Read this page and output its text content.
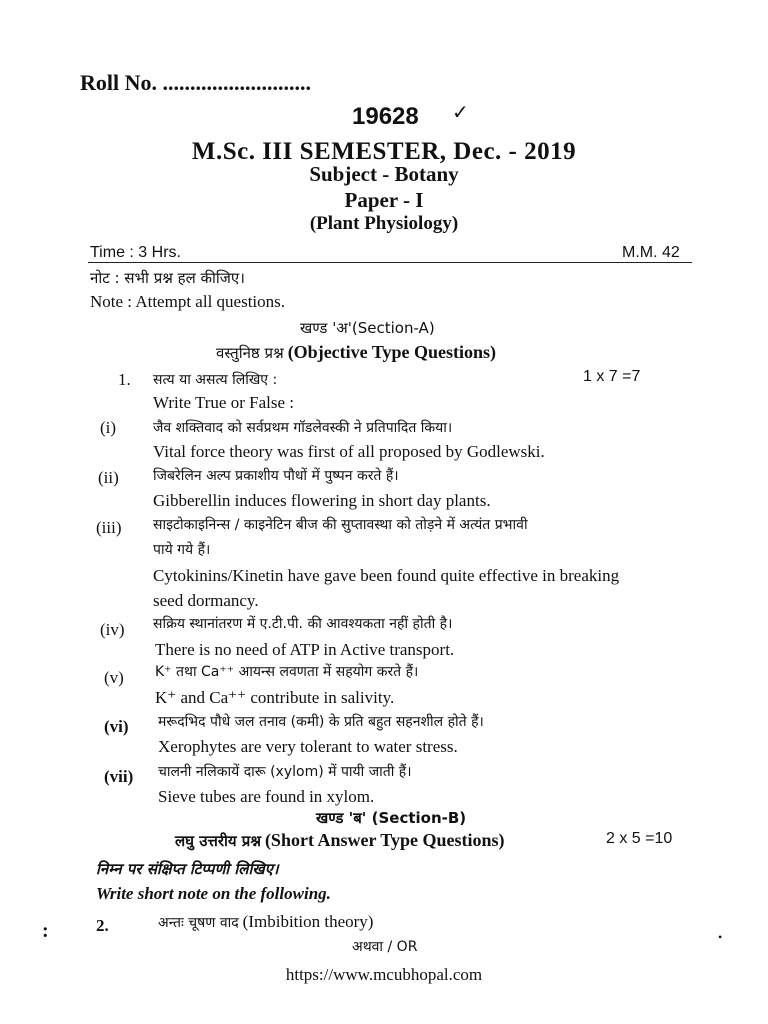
Roll No. ...........................
19628 ✓
M.Sc. III SEMESTER, Dec. - 2019
Subject - Botany
Paper - I
(Plant Physiology)
Time : 3 Hrs.	M.M. 42
नोट : सभी प्रश्न हल कीजिए।
Note : Attempt all questions.
खण्ड 'अ'(Section-A)
वस्तुनिष्ठ प्रश्न (Objective Type Questions)
1. सत्य या असत्य लिखिए :	1 x 7 =7
Write True or False :
(i)	जैव शक्तिवाद को सर्वप्रथम गॉडलेवस्की ने प्रतिपादित किया।
Vital force theory was first of all proposed by Godlewski.
(ii) जिबरेलिन अल्प प्रकाशीय पौधों में पुष्पन करते हैं।
Gibberellin induces flowering in short day plants.
(iii) साइटोकाइनिन्स / काइनेटिन बीज की सुप्तावस्था को तोड़ने में अत्यंत प्रभावी
पाये गये हैं।
Cytokinins/Kinetin have gave been found quite effective in breaking
seed dormancy.
(iv) सक्रिय स्थानांतरण में ए.टी.पी. की आवश्यकता नहीं होती है।
There is no need of ATP in Active transport.
(v) K⁺ तथा Ca⁺⁺ आयन्स लवणता में सहयोग करते हैं।
K⁺ and Ca⁺⁺ contribute in salivity.
(vi) मरूदभिद पौधे जल तनाव (कमी) के प्रति बहुत सहनशील होते हैं।
Xerophytes are very tolerant to water stress.
(vii) चालनी नलिकायें दारू (xylom) में पायी जाती हैं।
Sieve tubes are found in xylom.
खण्ड 'ब' (Section-B)
लघु उत्तरीय प्रश्न (Short Answer Type Questions)	2 x 5 =10
निम्न पर संक्षिप्त टिप्पणी लिखिए।
Write short note on the following.
:	2.	अन्तः चूषण वाद (Imbibition theory)
•
अथवा / OR
https://www.mcubhopal.com
